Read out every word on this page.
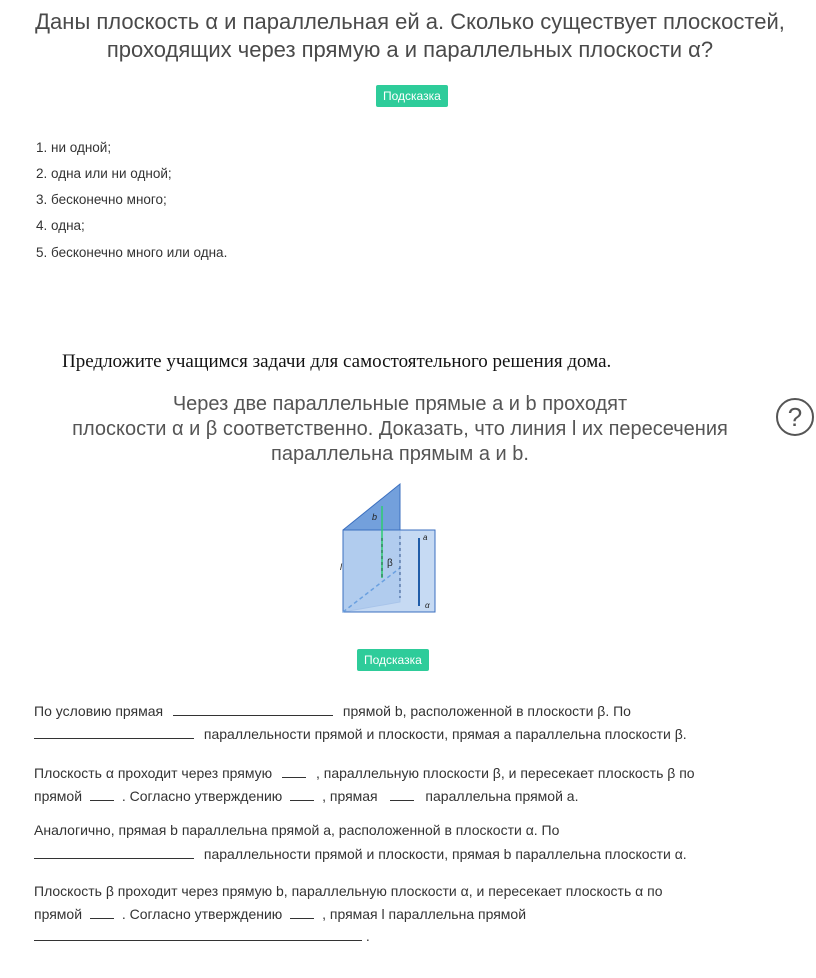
Даны плоскость α и параллельная ей a. Сколько существует плоскостей,
проходящих через прямую a и параллельных плоскости α?
Подсказка
1. ни одной;
2. одна или ни одной;
3. бесконечно много;
4. одна;
5. бесконечно много или одна.
Предложите учащимся задачи для самостоятельного решения дома.
Через две параллельные прямые a и b проходят
плоскости α и β соответственно. Доказать, что линия l их пересечения
параллельна прямым a и b.
?
b
l	β
a
α
Подсказка
По условию прямая	прямой b, расположенной в плоскости β. По
параллельности прямой и плоскости, прямая a параллельна плоскости β.
Плоскость α проходит через прямую	, параллельную плоскости β, и пересекает плоскость β по
прямой	. Согласно утверждению	, прямая	параллельна прямой a.
Аналогично, прямая b параллельна прямой a, расположенной в плоскости α. По
параллельности прямой и плоскости, прямая b параллельна плоскости α.
Плоскость β проходит через прямую b, параллельную плоскости α, и пересекает плоскость α по
прямой	. Согласно утверждению	, прямая l параллельна прямой
.
